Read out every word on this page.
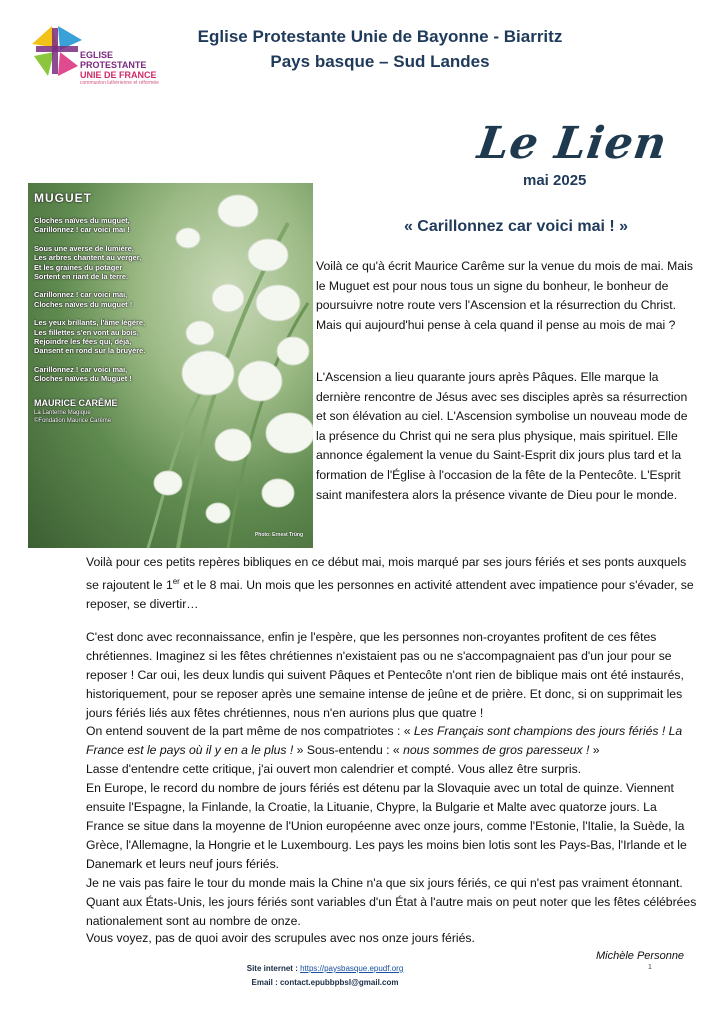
EGLISE PROTESTANTE
UNIE DE FRANCE
communion luthérienne et réformée
Eglise Protestante Unie de Bayonne - Biarritz
Pays basque – Sud Landes
Le Lien
mai 2025
MUGUET
Cloches naïves du muguet,
Carillonnez ! car voici mai !
Sous une averse de lumière,
Les arbres chantent au verger,
Et les graines du potager
Sortent en riant de la terre.
Carillonnez ! car voici mai,
Cloches naïves du muguet !
Les yeux brillants, l'âme légère,
Les fillettes s'en vont au bois,
Rejoindre les fées qui, déjà,
Dansent en rond sur la bruyère.
Carillonnez ! car voici mai,
Cloches naïves du Muguet !
MAURICE CARÊME
La Lanterne Magique
©Fondation Maurice Carême
Photo: Ernest Trüng
« Carillonnez car voici mai ! »
Voilà ce qu'à écrit Maurice Carême sur la venue du mois de mai. Mais le Muguet est pour nous tous un signe du bonheur, le bonheur de poursuivre notre route vers l'Ascension et la résurrection du Christ. Mais qui aujourd'hui pense à cela quand il pense au mois de mai ?
L'Ascension a lieu quarante jours après Pâques. Elle marque la dernière rencontre de Jésus avec ses disciples après sa résurrection et son élévation au ciel. L'Ascension symbolise un nouveau mode de la présence du Christ qui ne sera plus physique, mais spirituel. Elle annonce également la venue du Saint-Esprit dix jours plus tard et la formation de l'Église à l'occasion de la fête de la Pentecôte. L'Esprit saint manifestera alors la présence vivante de Dieu pour le monde.
Voilà pour ces petits repères bibliques en ce début mai, mois marqué par ses jours fériés et ses ponts auxquels se rajoutent le 1er et le 8 mai. Un mois que les personnes en activité attendent avec impatience pour s'évader, se reposer, se divertir…
C'est donc avec reconnaissance, enfin je l'espère, que les personnes non-croyantes profitent de ces fêtes chrétiennes. Imaginez si les fêtes chrétiennes n'existaient pas ou ne s'accompagnaient pas d'un jour pour se reposer ! Car oui, les deux lundis qui suivent Pâques et Pentecôte n'ont rien de biblique mais ont été instaurés, historiquement, pour se reposer après une semaine intense de jeûne et de prière. Et donc, si on supprimait les jours fériés liés aux fêtes chrétiennes, nous n'en aurions plus que quatre !

On entend souvent de la part même de nos compatriotes : « Les Français sont champions des jours fériés ! La France est le pays où il y en a le plus ! » Sous-entendu : « nous sommes de gros paresseux ! »

Lasse d'entendre cette critique, j'ai ouvert mon calendrier et compté. Vous allez être surpris.

En Europe, le record du nombre de jours fériés est détenu par la Slovaquie avec un total de quinze. Viennent ensuite l'Espagne, la Finlande, la Croatie, la Lituanie, Chypre, la Bulgarie et Malte avec quatorze jours. La France se situe dans la moyenne de l'Union européenne avec onze jours, comme l'Estonie, l'Italie, la Suède, la Grèce, l'Allemagne, la Hongrie et le Luxembourg. Les pays les moins bien lotis sont les Pays-Bas, l'Irlande et le Danemark et leurs neuf jours fériés.

Je ne vais pas faire le tour du monde mais la Chine n'a que six jours fériés, ce qui n'est pas vraiment étonnant. Quant aux États-Unis, les jours fériés sont variables d'un État à l'autre mais on peut noter que les fêtes célébrées nationalement sont au nombre de onze.

Vous voyez, pas de quoi avoir des scrupules avec nos onze jours fériés.
Michèle Personne
Site internet : https://paysbasque.epudf.org
Email : contact.epubbpbsl@gmail.com
1
